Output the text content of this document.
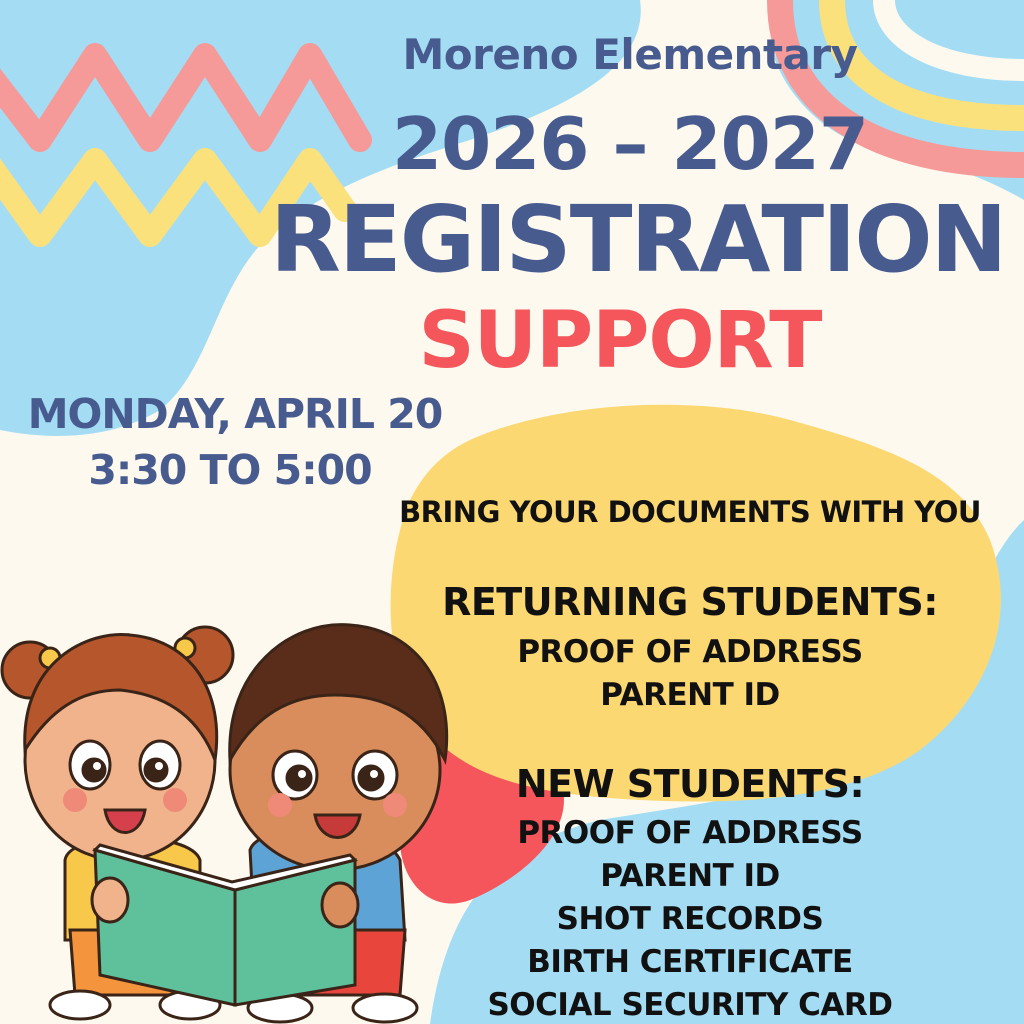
Moreno Elementary

2026 – 2027

REGISTRATION

SUPPORT

MONDAY, APRIL 20

3:30 TO 5:00

BRING YOUR DOCUMENTS WITH YOU

RETURNING STUDENTS:

PROOF OF ADDRESS
PARENT ID

NEW STUDENTS:

PROOF OF ADDRESS
PARENT ID
SHOT RECORDS
BIRTH CERTIFICATE
SOCIAL SECURITY CARD
